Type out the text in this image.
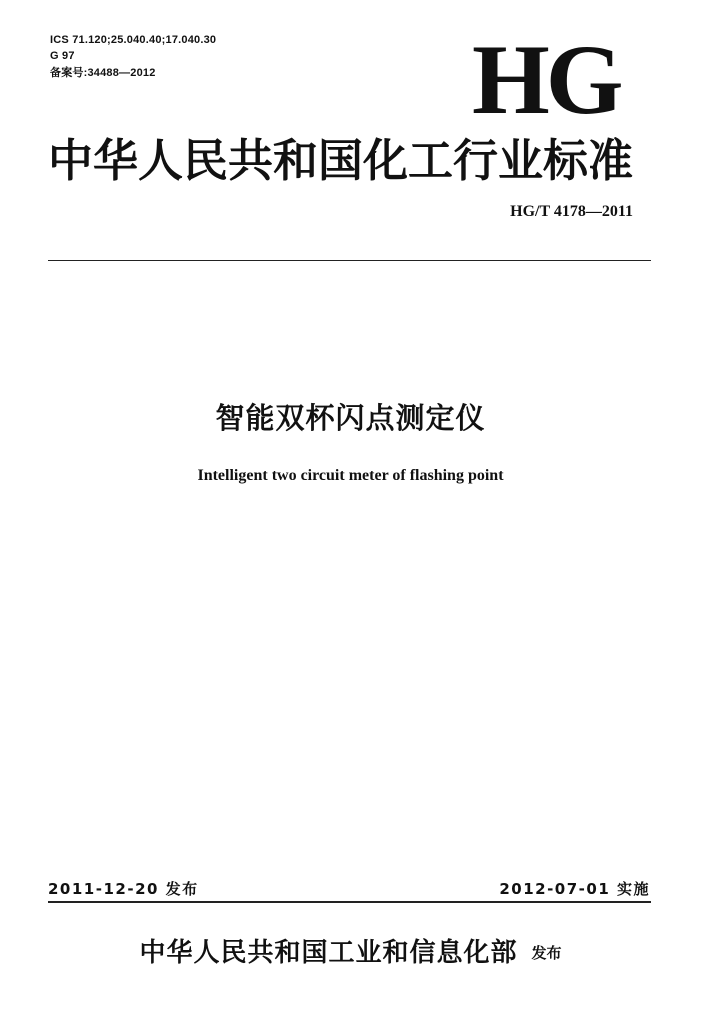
ICS 71.120;25.040.40;17.040.30
G 97
备案号:34488—2012	HG
中华人民共和国化工行业标准
HG/T 4178—2011
智能双杯闪点测定仪
Intelligent two circuit meter of flashing point
2011-12-20 发布	2012-07-01 实施
中华人民共和国工业和信息化部 发布
